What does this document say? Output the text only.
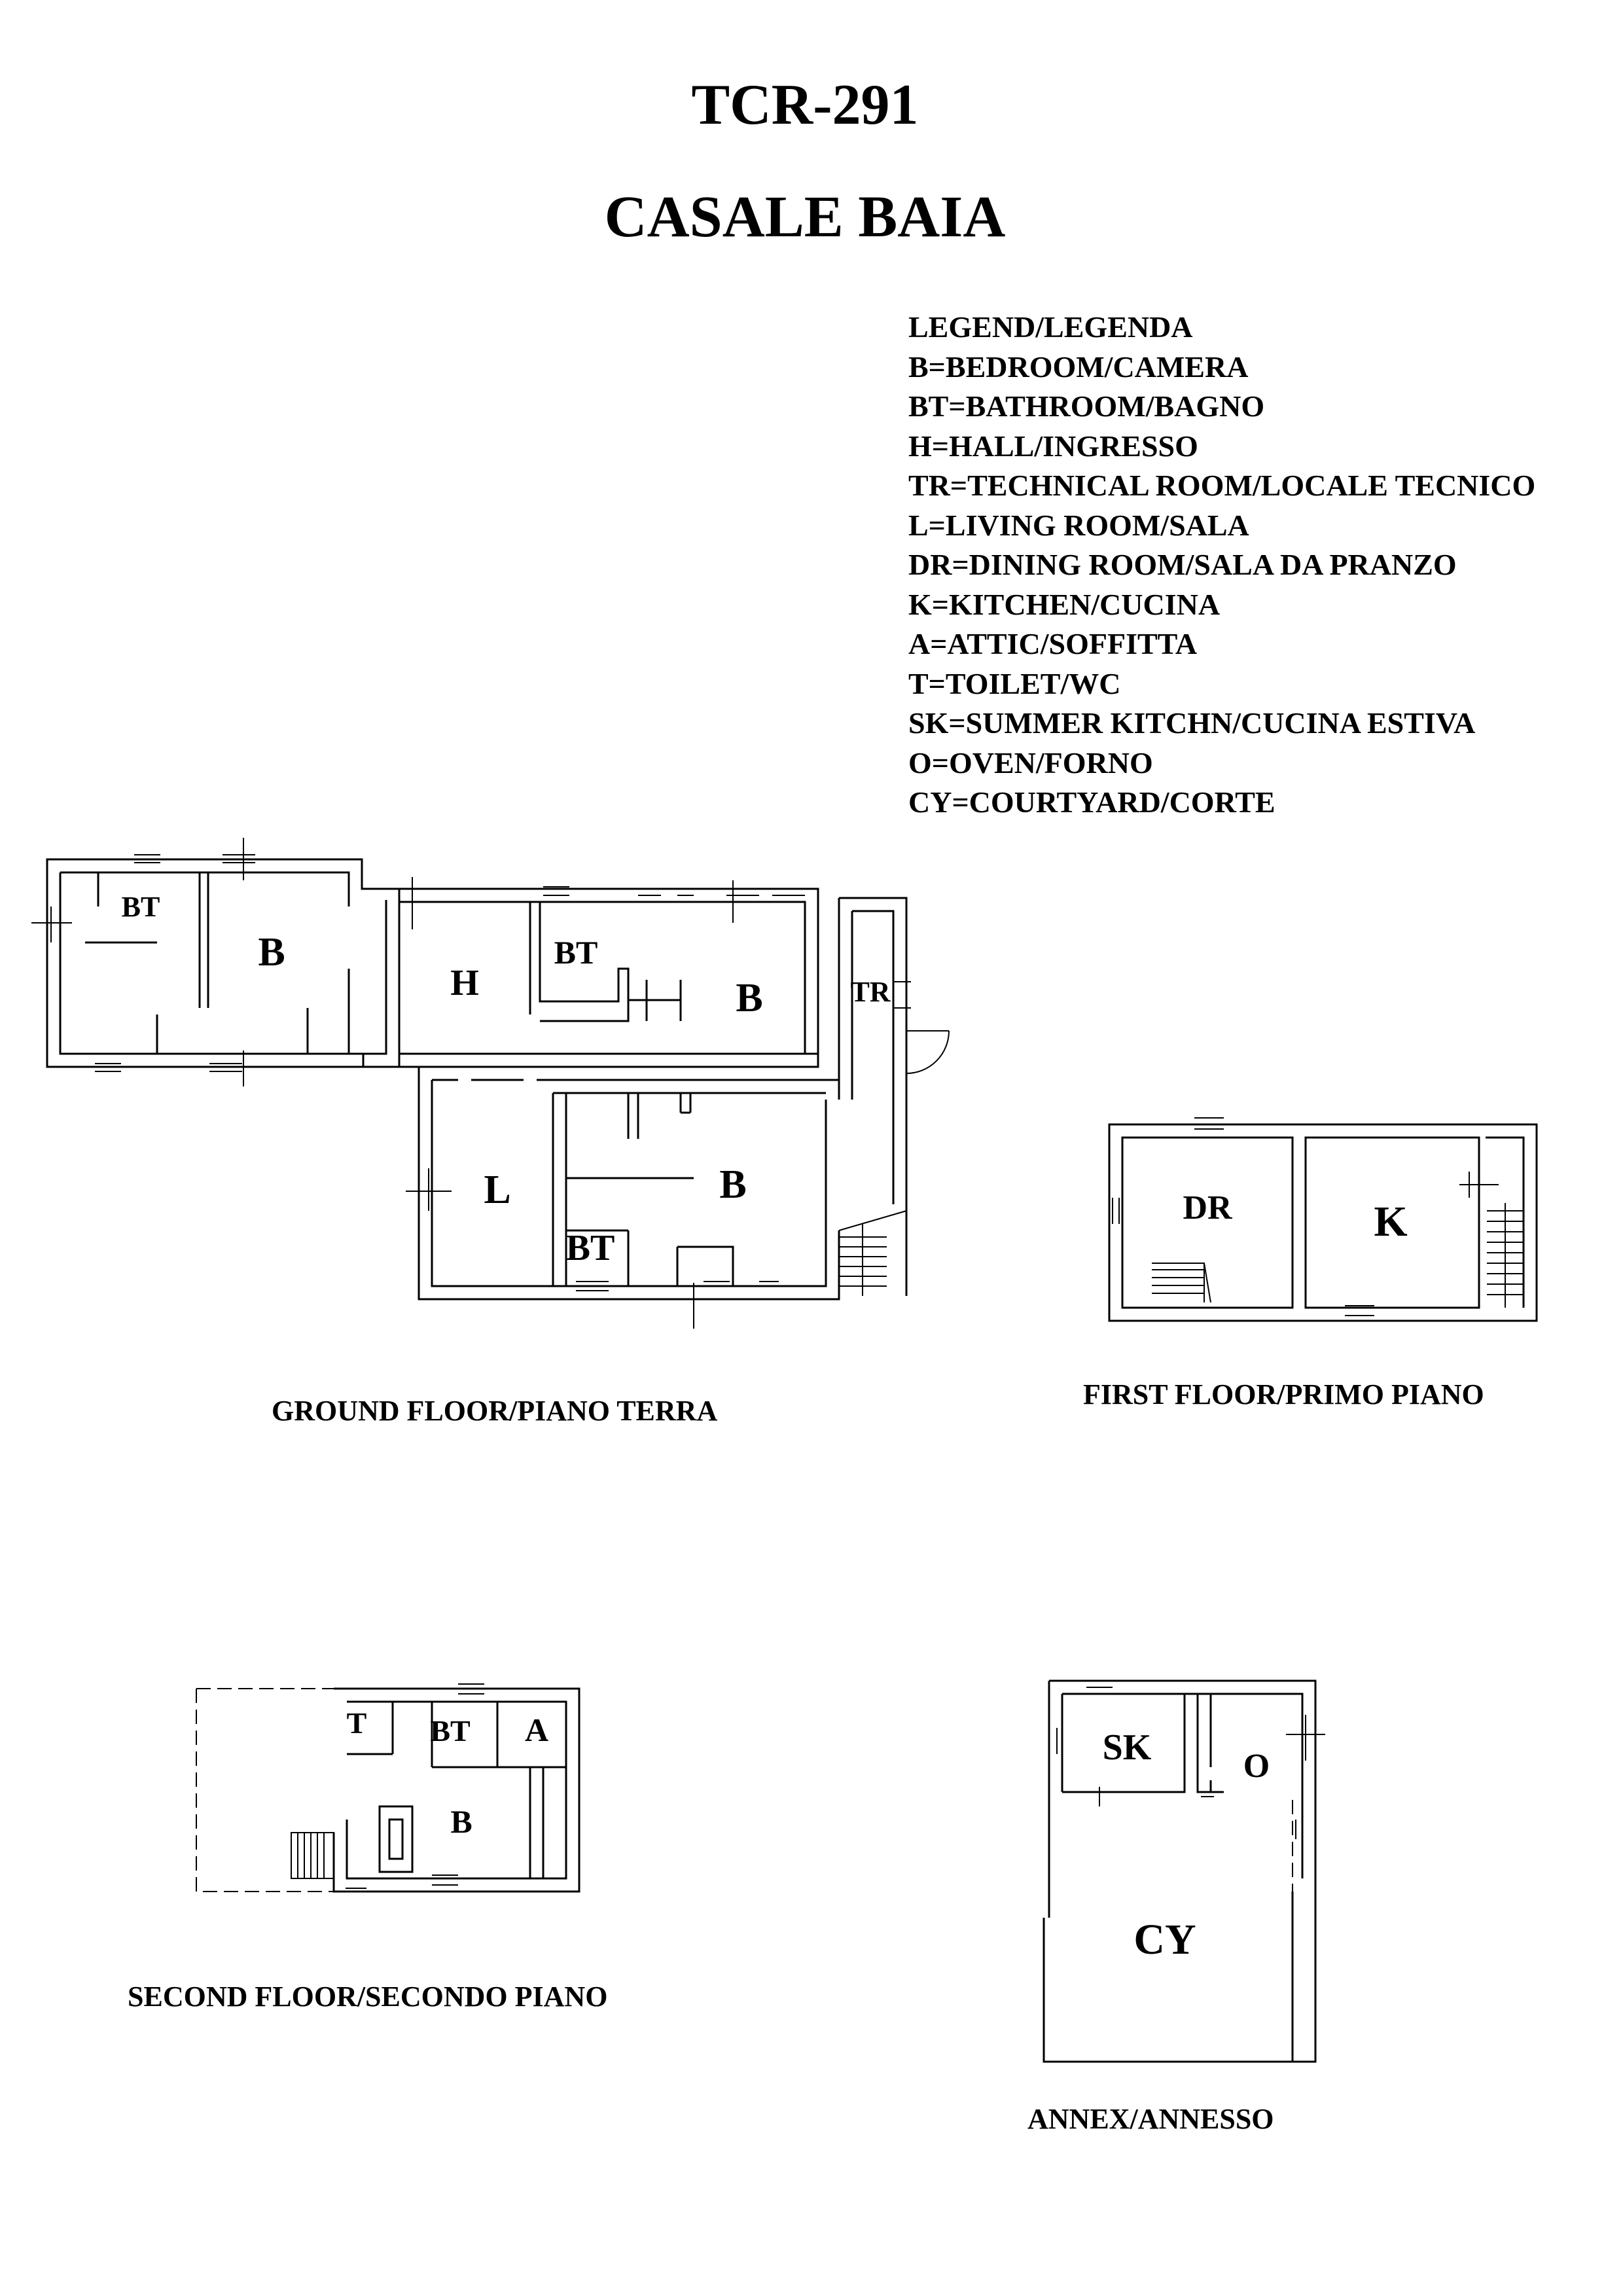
TCR-291
CASALE BAIA
LEGEND/LEGENDA
B=BEDROOM/CAMERA
BT=BATHROOM/BAGNO
H=HALL/INGRESSO
TR=TECHNICAL ROOM/LOCALE TECNICO
L=LIVING ROOM/SALA
DR=DINING ROOM/SALA DA PRANZO
K=KITCHEN/CUCINA
A=ATTIC/SOFFITTA
T=TOILET/WC
SK=SUMMER KITCHN/CUCINA ESTIVA
O=OVEN/FORNO
CY=COURTYARD/CORTE
BT
B
H
BT
B	TR
L	B
BT
DR	K
T BT A
B
SK	O
CY
GROUND FLOOR/PIANO TERRA
FIRST FLOOR/PRIMO PIANO
SECOND FLOOR/SECONDO PIANO
ANNEX/ANNESSO
